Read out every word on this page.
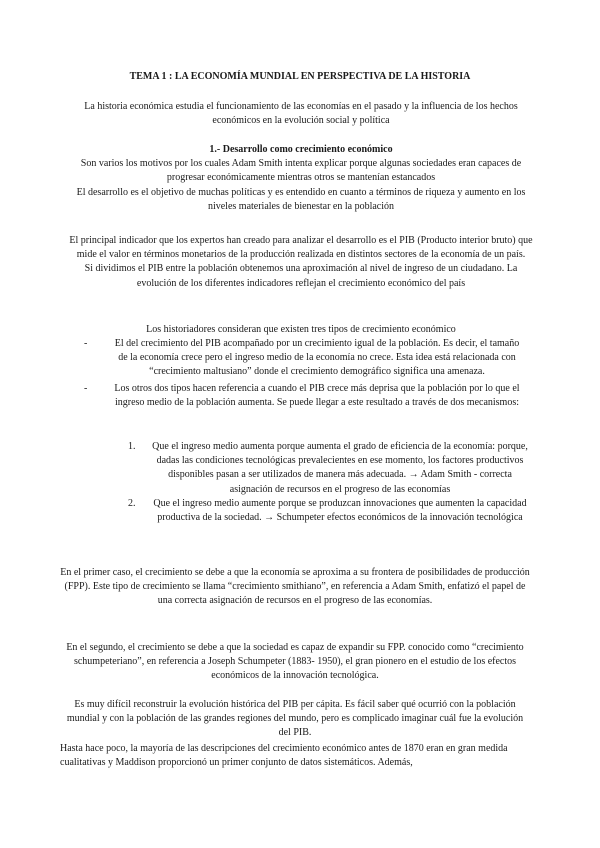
TEMA 1 : LA ECONOMÍA MUNDIAL EN PERSPECTIVA DE LA HISTORIA

La historia económica estudia el funcionamiento de las economías en el pasado y la influencia de los hechos económicos en la evolución social y política

1.- Desarrollo como crecimiento económico

Son varios los motivos por los cuales Adam Smith intenta explicar porque algunas sociedades eran capaces de progresar económicamente mientras otros se mantenían estancados

El desarrollo es el objetivo de muchas políticas y es entendido en cuanto a términos de riqueza y aumento en los niveles materiales de bienestar en la población

El principal indicador que los expertos han creado para analizar el desarrollo es el PIB (Producto interior bruto) que mide el valor en términos monetarios de la producción realizada en distintos sectores de la economía de un país.

Si dividimos el PIB entre la población obtenemos una aproximación al nivel de ingreso de un ciudadano. La evolución de los diferentes indicadores reflejan el crecimiento económico del país

Los historiadores consideran que existen tres tipos de crecimiento económico

-	El del crecimiento del PIB acompañado por un crecimiento igual de la población. Es decir, el tamaño de la economía crece pero el ingreso medio de la economía no crece. Esta idea está relacionada con “crecimiento maltusiano” donde el crecimiento demográfico significa una amenaza.

-	Los otros dos tipos hacen referencia a cuando el PIB crece más deprisa que la población por lo que el ingreso medio de la población aumenta. Se puede llegar a este resultado a través de dos mecanismos:

1. Que el ingreso medio aumenta porque aumenta el grado de eficiencia de la economía: porque, dadas las condiciones tecnológicas prevalecientes en ese momento, los factores productivos disponibles pasan a ser utilizados de manera más adecuada. → Adam Smith - correcta asignación de recursos en el progreso de las economías

2. Que el ingreso medio aumente porque se produzcan innovaciones que aumenten la capacidad productiva de la sociedad. → Schumpeter efectos económicos de la innovación tecnológica

En el primer caso, el crecimiento se debe a que la economía se aproxima a su frontera de posibilidades de producción (FPP). Este tipo de crecimiento se llama “crecimiento smithiano”, en referencia a Adam Smith, enfatizó el papel de una correcta asignación de recursos en el progreso de las economías.

En el segundo, el crecimiento se debe a que la sociedad es capaz de expandir su FPP. conocido como “crecimiento schumpeteriano”, en referencia a Joseph Schumpeter (1883- 1950), el gran pionero en el estudio de los efectos económicos de la innovación tecnológica.

Es muy difícil reconstruir la evolución histórica del PIB per cápita. Es fácil saber qué ocurrió con la población mundial y con la población de las grandes regiones del mundo, pero es complicado imaginar cuál fue la evolución del PIB.

Hasta hace poco, la mayoría de las descripciones del crecimiento económico antes de 1870 eran en gran medida cualitativas y Maddison proporcionó un primer conjunto de datos sistemáticos. Además,
